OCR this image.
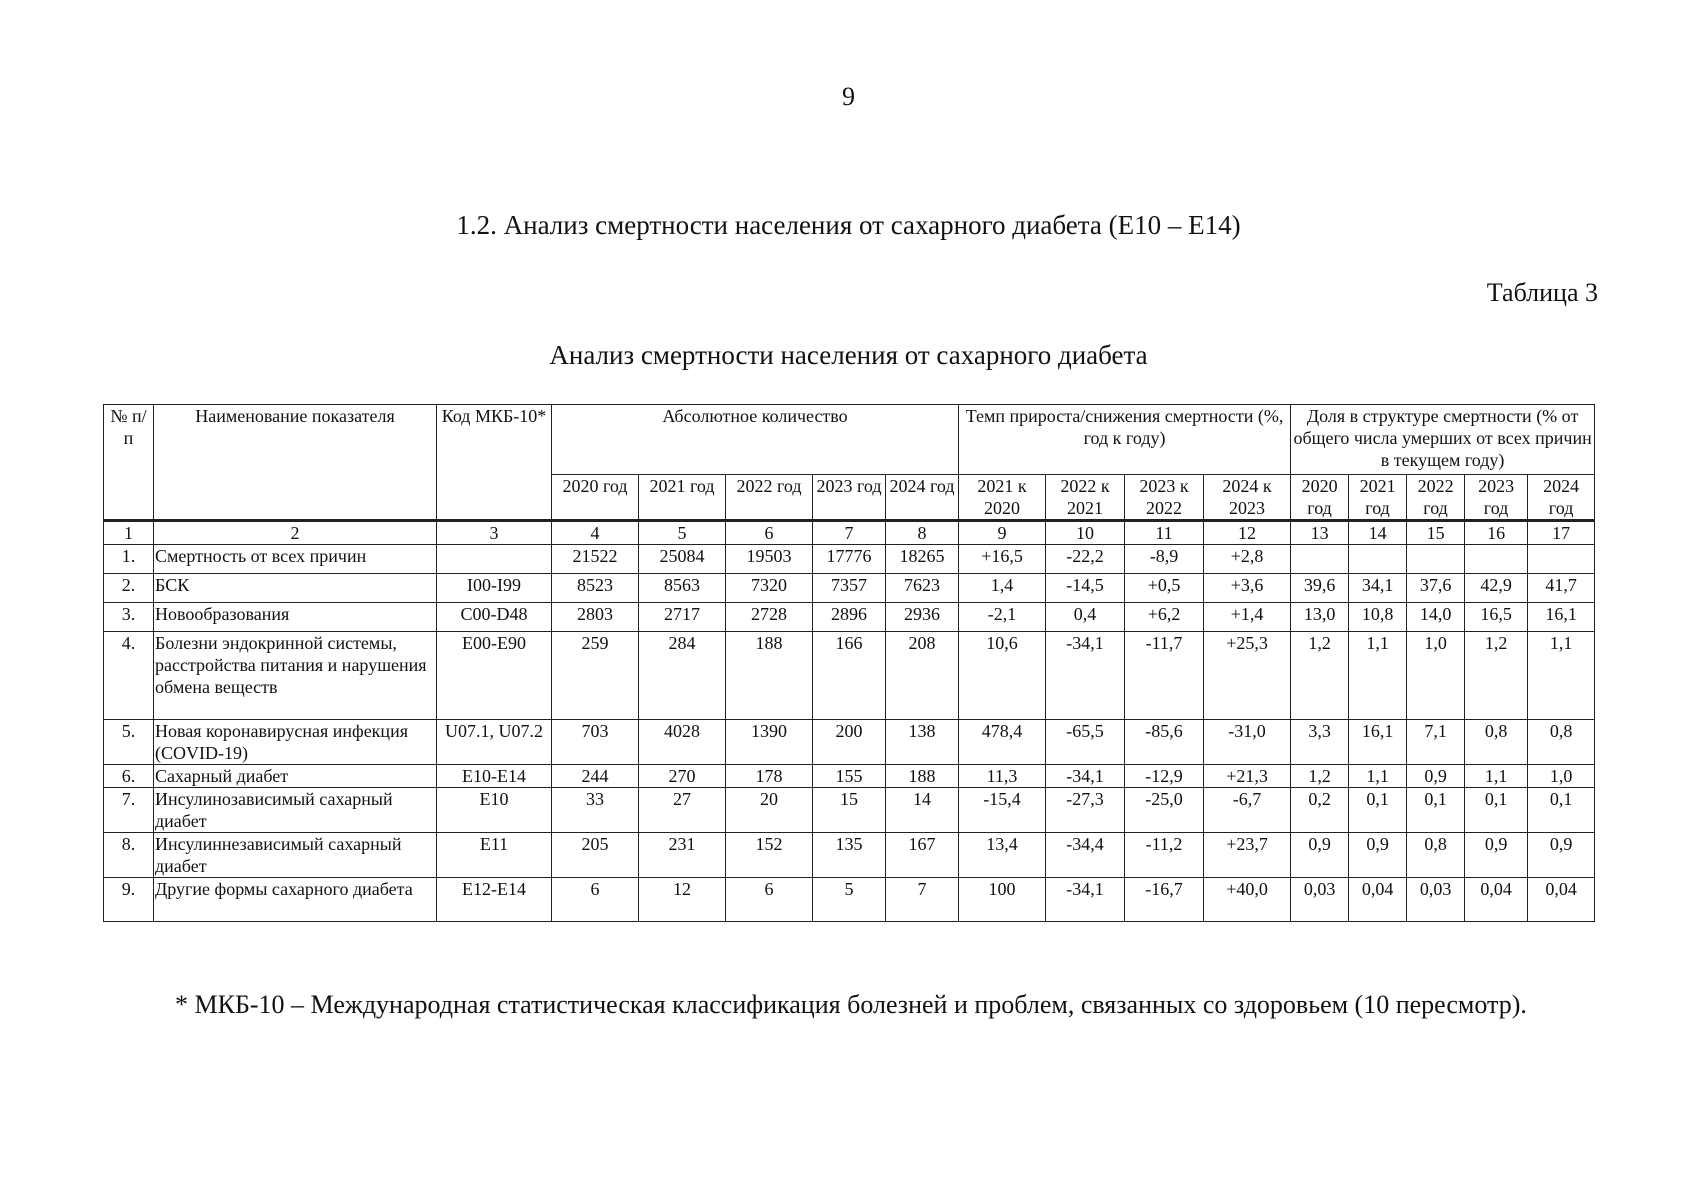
9
1.2. Анализ смертности населения от сахарного диабета (Е10 – Е14)
Таблица 3
Анализ смертности населения от сахарного диабета
№ п/п	Наименование показателя	Код МКБ-10*	Абсолютное количество					Темп прироста/снижения смертности (%, год к году)				Доля в структуре смертности (% от общего числа умерших от всех причин в текущем году)				
			2020 год	2021 год	2022 год	2023 год	2024 год	2021 к 2020	2022 к 2021	2023 к 2022	2024 к 2023	2020 год	2021 год	2022 год	2023 год	2024 год
1	2	3	4	5	6	7	8	9	10	11	12	13	14	15	16	17
1.	Смертность от всех причин		21522	25084	19503	17776	18265	+16,5	-22,2	-8,9	+2,8					
2.	БСК	I00-I99	8523	8563	7320	7357	7623	1,4	-14,5	+0,5	+3,6	39,6	34,1	37,6	42,9	41,7
3.	Новообразования	C00-D48	2803	2717	2728	2896	2936	-2,1	0,4	+6,2	+1,4	13,0	10,8	14,0	16,5	16,1
4.	Болезни эндокринной системы, расстройства питания и нарушения обмена веществ	E00-E90	259	284	188	166	208	10,6	-34,1	-11,7	+25,3	1,2	1,1	1,0	1,2	1,1
5.	Новая коронавирусная инфекция (COVID-19)	U07.1, U07.2	703	4028	1390	200	138	478,4	-65,5	-85,6	-31,0	3,3	16,1	7,1	0,8	0,8
6.	Сахарный диабет	E10-E14	244	270	178	155	188	11,3	-34,1	-12,9	+21,3	1,2	1,1	0,9	1,1	1,0
7.	Инсулинозависимый сахарный диабет	E10	33	27	20	15	14	-15,4	-27,3	-25,0	-6,7	0,2	0,1	0,1	0,1	0,1
8.	Инсулиннезависимый сахарный диабет	E11	205	231	152	135	167	13,4	-34,4	-11,2	+23,7	0,9	0,9	0,8	0,9	0,9
9.	Другие формы сахарного диабета	E12-E14	6	12	6	5	7	100	-34,1	-16,7	+40,0	0,03	0,04	0,03	0,04	0,04
* МКБ-10 – Международная статистическая классификация болезней и проблем, связанных со здоровьем (10 пересмотр).
